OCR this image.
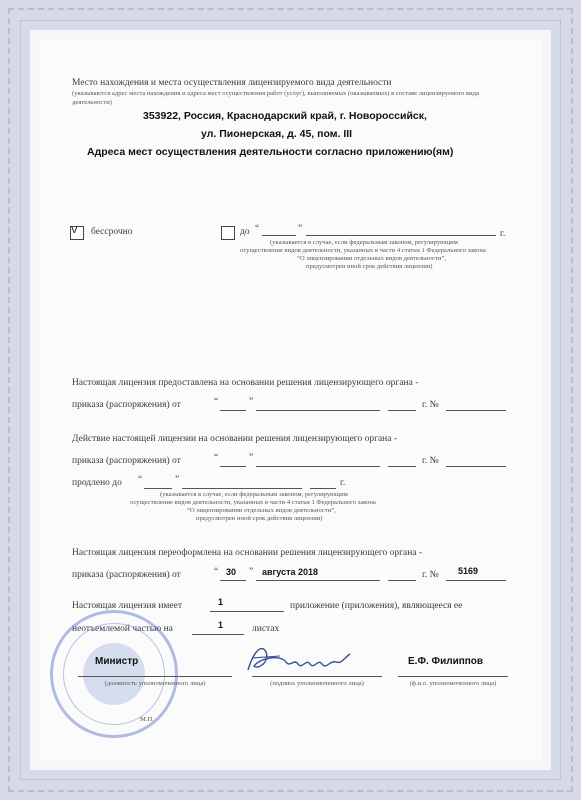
Место нахождения и места осуществления лицензируемого вида деятельности
(указываются адрес места нахождения и адреса мест осуществления работ (услуг), выполняемых (оказываемых) в составе лицензируемого вида деятельности)
353922, Россия, Краснодарский край, г. Новороссийск,
ул. Пионерская, д. 45, пом. III
Адреса мест осуществления деятельности согласно приложению(ям)
V бессрочно	до “	”	г.
(указывается в случае, если федеральным законом, регулирующим
осуществление видов деятельности, указанных в части 4 статьи 1 Федерального закона
“О лицензировании отдельных видов деятельности”,
предусмотрен иной срок действия лицензии)
Настоящая лицензия предоставлена на основании решения лицензирующего органа -
приказа (распоряжения) от	“	”	г. №
Действие настоящей лицензии на основании решения лицензирующего органа -
приказа (распоряжения) от	“	”	г. №
продлено до “	”	г.
(указывается в случае, если федеральным законом, регулирующим
осуществление видов деятельности, указанных в части 4 статьи 1 Федерального закона
“О лицензировании отдельных видов деятельности”,
предусмотрен иной срок действия лицензии)
Настоящая лицензия переоформлена на основании решения лицензирующего органа -
приказа (распоряжения) от	“ 30 ” августа 2018	г. № 5169
Настоящая лицензия имеет	1	приложение (приложения), являющееся ее
неотъемлемой частью на	1	листах
Министр
(должность уполномоченного лица)	(подпись уполномоченного лица)
Е.Ф. Филиппов
(ф.и.о. уполномоченного лица)
М.П.
